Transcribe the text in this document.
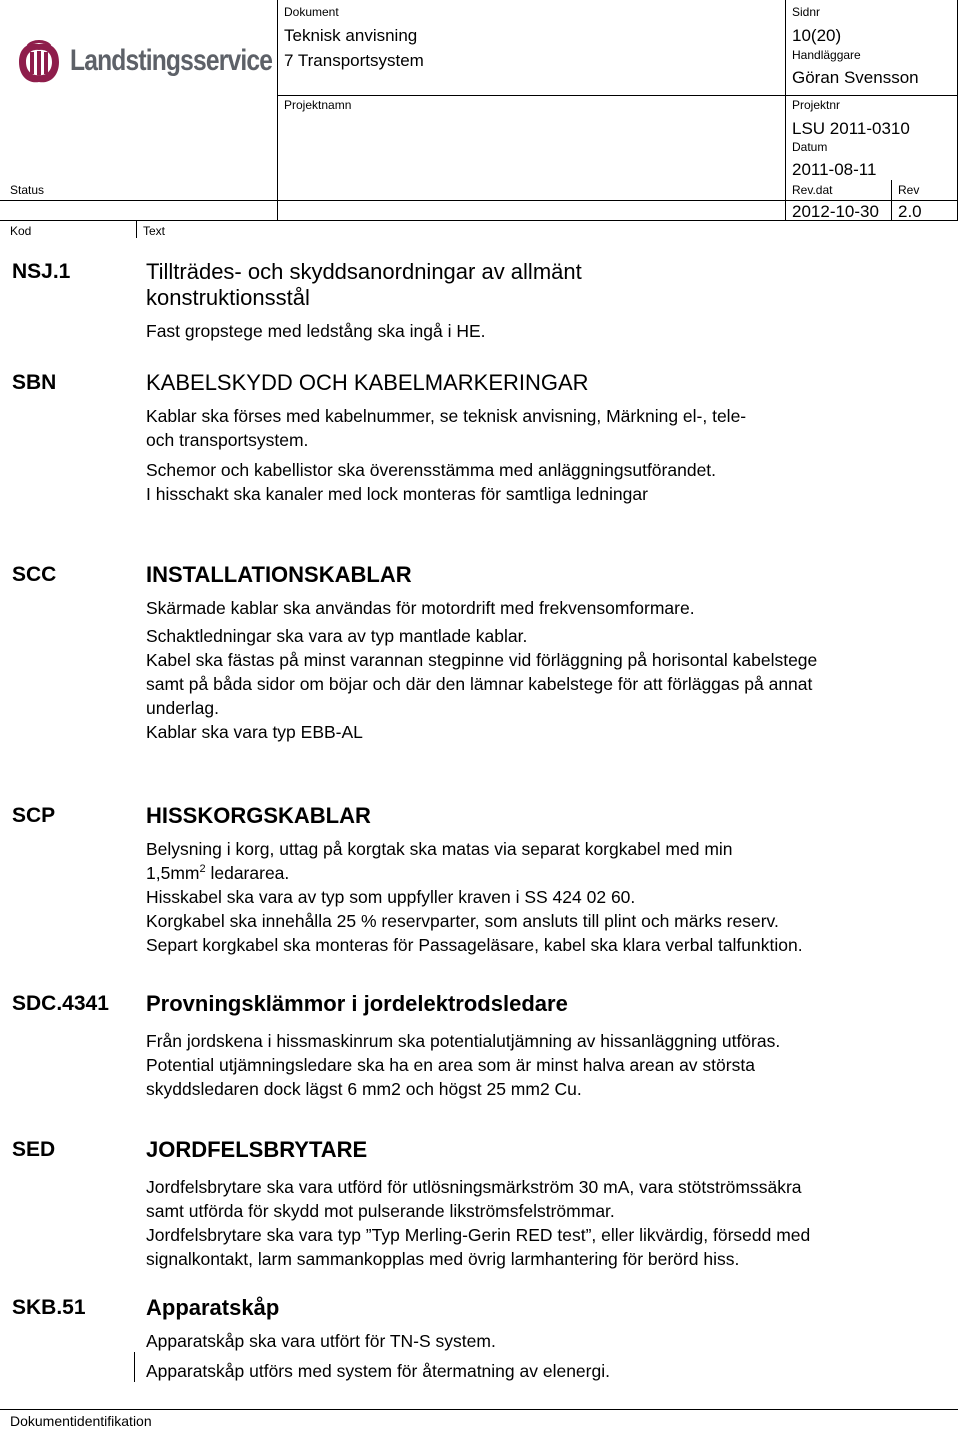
Landstingsservice
Dokument
Teknisk anvisning
7 Transportsystem
Sidnr
10(20)
Handläggare
Göran Svensson
Projektnamn	Projektnr
LSU 2011-0310
Datum
2011-08-11
Status	Rev.dat
2012-10-30
Rev
2.0
Kod	Text
NSJ.1	Tillträdes- och skyddsanordningar av allmänt
konstruktionsstål
Fast gropstege med ledstång ska ingå i HE.
SBN	KABELSKYDD OCH KABELMARKERINGAR
Kablar ska förses med kabelnummer, se teknisk anvisning, Märkning el-, tele-
och transportsystem.
Schemor och kabellistor ska överensstämma med anläggningsutförandet.
I hisschakt ska kanaler med lock monteras för samtliga ledningar
SCC	INSTALLATIONSKABLAR
Skärmade kablar ska användas för motordrift med frekvensomformare.
Schaktledningar ska vara av typ mantlade kablar.
Kabel ska fästas på minst varannan stegpinne vid förläggning på horisontal kabelstege
samt på båda sidor om böjar och där den lämnar kabelstege för att förläggas på annat
underlag.
Kablar ska vara typ EBB-AL
SCP	HISSKORGSKABLAR
Belysning i korg, uttag på korgtak ska matas via separat korgkabel med min
$1,5mm^2$ ledararea.
Hisskabel ska vara av typ som uppfyller kraven i SS 424 02 60.
Korgkabel ska innehålla 25 % reservparter, som ansluts till plint och märks reserv.
Separt korgkabel ska monteras för Passageläsare, kabel ska klara verbal talfunktion.
SDC.4341 Provningsklämmor i jordelektrodsledare
Från jordskena i hissmaskinrum ska potentialutjämning av hissanläggning utföras.
Potential utjämningsledare ska ha en area som är minst halva arean av största
skyddsledaren dock lägst 6 mm2 och högst 25 mm2 Cu.
SED	JORDFELSBRYTARE
Jordfelsbrytare ska vara utförd för utlösningsmärkström 30 mA, vara stötströmssäkra
samt utförda för skydd mot pulserande likströmsfelströmmar.
Jordfelsbrytare ska vara typ ”Typ Merling-Gerin RED test”, eller likvärdig, försedd med
signalkontakt, larm sammankopplas med övrig larmhantering för berörd hiss.
SKB.51	Apparatskåp
Apparatskåp ska vara utfört för TN-S system.
Apparatskåp utförs med system för återmatning av elenergi.
Dokumentidentifikation
